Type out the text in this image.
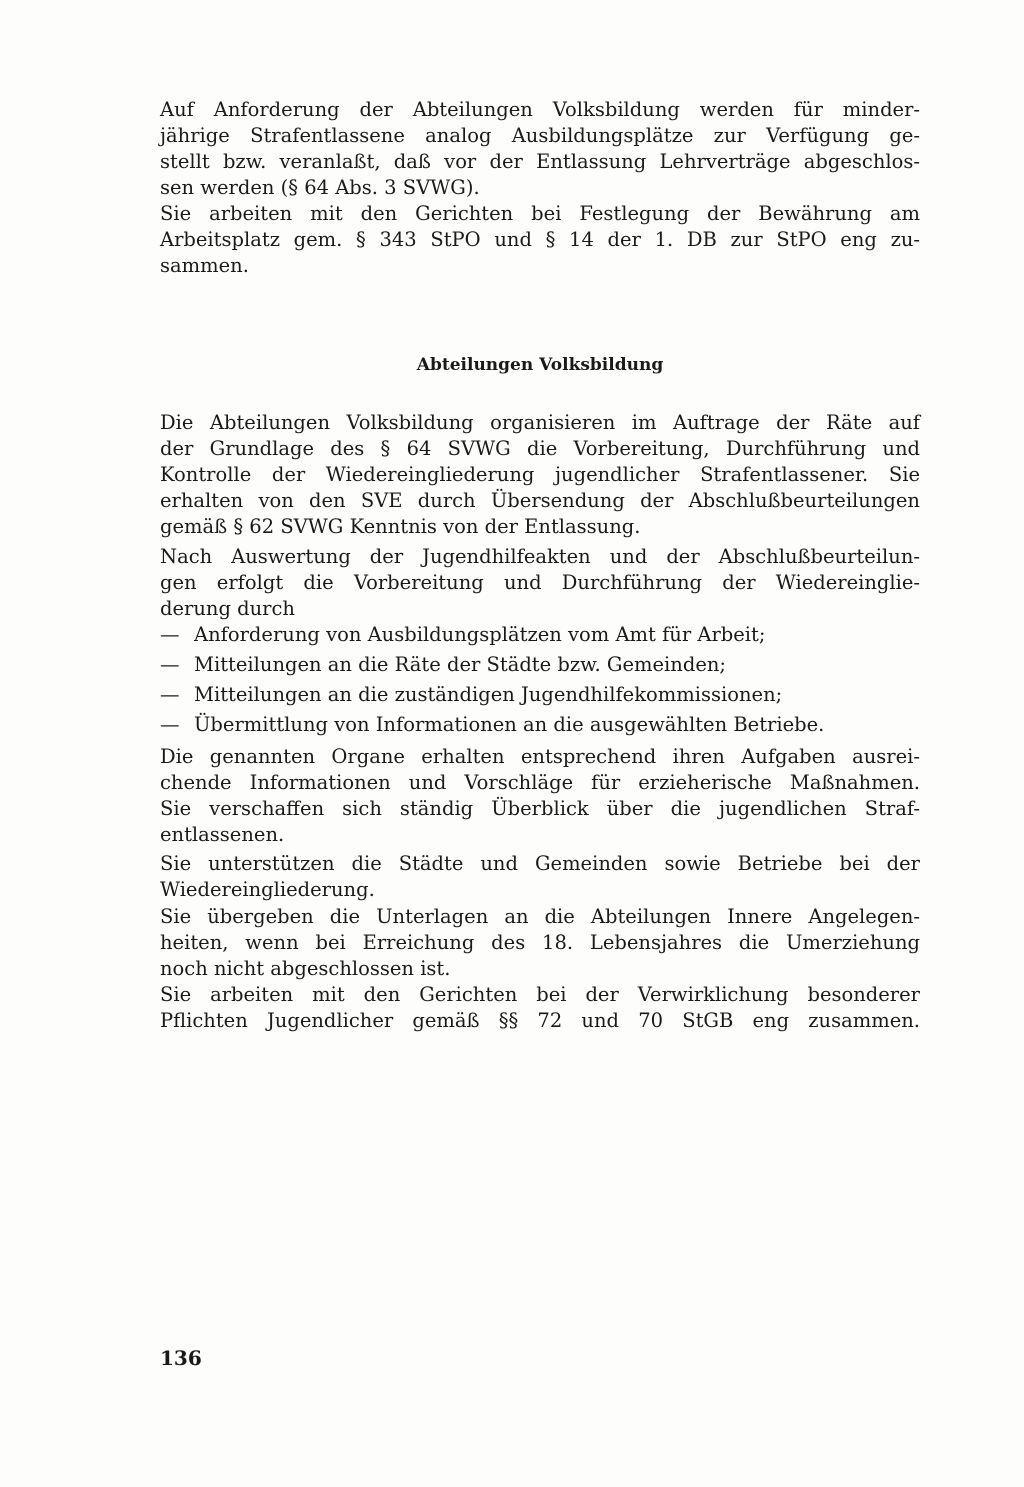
Auf Anforderung der Abteilungen Volksbildung werden für minder-
jährige Strafentlassene analog Ausbildungsplätze zur Verfügung ge-
stellt bzw. veranlaßt, daß vor der Entlassung Lehrverträge abgeschlos-
sen werden (§ 64 Abs. 3 SVWG).
Sie arbeiten mit den Gerichten bei Festlegung der Bewährung am
Arbeitsplatz gem. § 343 StPO und § 14 der 1. DB zur StPO eng zu-
sammen.
Abteilungen Volksbildung
Die Abteilungen Volksbildung organisieren im Auftrage der Räte auf
der Grundlage des § 64 SVWG die Vorbereitung, Durchführung und
Kontrolle der Wiedereingliederung jugendlicher Strafentlassener. Sie
erhalten von den SVE durch Übersendung der Abschlußbeurteilungen
gemäß § 62 SVWG Kenntnis von der Entlassung.
Nach Auswertung der Jugendhilfeakten und der Abschlußbeurteilun-
gen erfolgt die Vorbereitung und Durchführung der Wiedereinglie-
derung durch
— Anforderung von Ausbildungsplätzen vom Amt für Arbeit;
— Mitteilungen an die Räte der Städte bzw. Gemeinden;
— Mitteilungen an die zuständigen Jugendhilfekommissionen;
— Übermittlung von Informationen an die ausgewählten Betriebe.
Die genannten Organe erhalten entsprechend ihren Aufgaben ausrei-
chende Informationen und Vorschläge für erzieherische Maßnahmen.
Sie verschaffen sich ständig Überblick über die jugendlichen Straf-
entlassenen.
Sie unterstützen die Städte und Gemeinden sowie Betriebe bei der
Wiedereingliederung.
Sie übergeben die Unterlagen an die Abteilungen Innere Angelegen-
heiten, wenn bei Erreichung des 18. Lebensjahres die Umerziehung
noch nicht abgeschlossen ist.
Sie arbeiten mit den Gerichten bei der Verwirklichung besonderer
Pflichten Jugendlicher gemäß §§ 72 und 70 StGB eng zusammen.
136
